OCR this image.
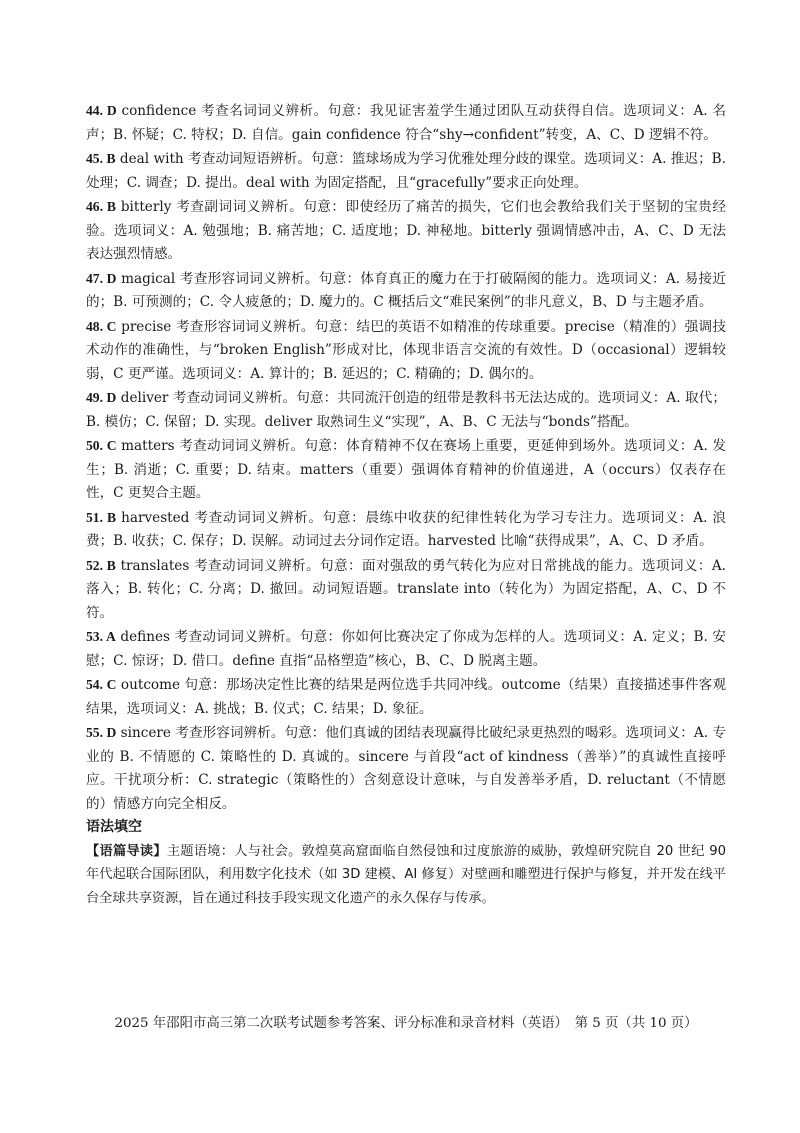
44. D confidence 考查名词词义辨析。句意：我见证害羞学生通过团队互动获得自信。选项词义：A. 名声；B. 怀疑；C. 特权；D. 自信。gain confidence 符合“shy→confident”转变，A、C、D 逻辑不符。

45. B deal with 考查动词短语辨析。句意：篮球场成为学习优雅处理分歧的课堂。选项词义：A. 推迟；B. 处理；C. 调查；D. 提出。deal with 为固定搭配，且“gracefully”要求正向处理。

46. B bitterly 考查副词词义辨析。句意：即使经历了痛苦的损失，它们也会教给我们关于坚韧的宝贵经验。选项词义：A. 勉强地；B. 痛苦地；C. 适度地；D. 神秘地。bitterly 强调情感冲击，A、C、D 无法表达强烈情感。

47. D magical 考查形容词词义辨析。句意：体育真正的魔力在于打破隔阂的能力。选项词义：A. 易接近的；B. 可预测的；C. 令人疲惫的；D. 魔力的。C 概括后文“难民案例”的非凡意义，B、D 与主题矛盾。

48. C precise 考查形容词词义辨析。句意：结巴的英语不如精准的传球重要。precise（精准的）强调技术动作的准确性，与“broken English”形成对比，体现非语言交流的有效性。D（occasional）逻辑较弱，C 更严谨。选项词义：A. 算计的；B. 延迟的；C. 精确的；D. 偶尔的。

49. D deliver 考查动词词义辨析。句意：共同流汗创造的纽带是教科书无法达成的。选项词义：A. 取代；B. 模仿；C. 保留；D. 实现。deliver 取熟词生义“实现”，A、B、C 无法与“bonds”搭配。

50. C matters 考查动词词义辨析。句意：体育精神不仅在赛场上重要，更延伸到场外。选项词义：A. 发生；B. 消逝；C. 重要；D. 结束。matters（重要）强调体育精神的价值递进，A（occurs）仅表存在性，C 更契合主题。

51. B harvested 考查动词词义辨析。句意：晨练中收获的纪律性转化为学习专注力。选项词义：A. 浪费；B. 收获；C. 保存；D. 误解。动词过去分词作定语。harvested 比喻“获得成果”，A、C、D 矛盾。

52. B translates 考查动词词义辨析。句意：面对强敌的勇气转化为应对日常挑战的能力。选项词义：A. 落入；B. 转化；C. 分离；D. 撤回。动词短语题。translate into（转化为）为固定搭配，A、C、D 不符。

53. A defines 考查动词词义辨析。句意：你如何比赛决定了你成为怎样的人。选项词义：A. 定义；B. 安慰；C. 惊讶；D. 借口。define 直指“品格塑造”核心，B、C、D 脱离主题。

54. C outcome 句意：那场决定性比赛的结果是两位选手共同冲线。outcome（结果）直接描述事件客观结果，选项词义：A. 挑战；B. 仪式；C. 结果；D. 象征。

55. D sincere 考查形容词辨析。句意：他们真诚的团结表现赢得比破纪录更热烈的喝彩。选项词义：A. 专业的 B. 不情愿的 C. 策略性的 D. 真诚的。sincere 与首段“act of kindness（善举）”的真诚性直接呼应。干扰项分析：C. strategic（策略性的）含刻意设计意味，与自发善举矛盾，D. reluctant（不情愿的）情感方向完全相反。

语法填空

【语篇导读】主题语境：人与社会。敦煌莫高窟面临自然侵蚀和过度旅游的威胁，敦煌研究院自 20 世纪 90 年代起联合国际团队，利用数字化技术（如 3D 建模、AI 修复）对壁画和雕塑进行保护与修复，并开发在线平台全球共享资源，旨在通过科技手段实现文化遗产的永久保存与传承。

2025 年邵阳市高三第二次联考试题参考答案、评分标准和录音材料（英语）　第 5 页（共 10 页）
